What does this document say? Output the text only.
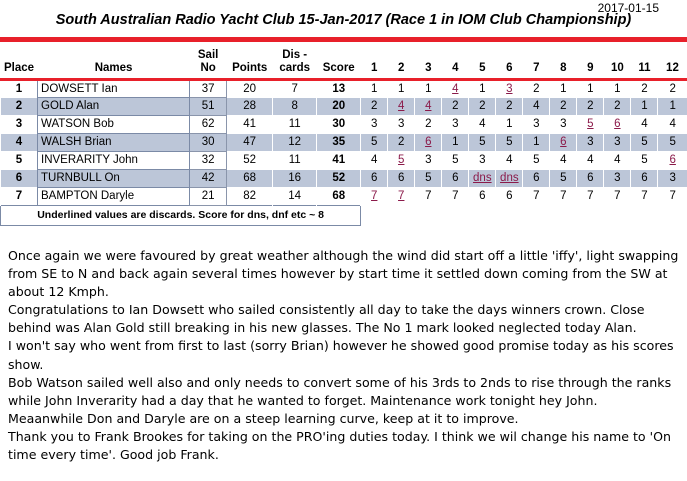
2017-01-15
South Australian Radio Yacht Club 15-Jan-2017 (Race 1 in IOM Club Championship)
Place	Names	Sail No	Points	Dis - cards	Score	1	2	3	4	5	6	7	8	9	10	11	12
1	DOWSETT Ian	37	20	7	13	1	1	1	4	1	3	2	1	1	1	2	2
2	GOLD Alan	51	28	8	20	2	4	4	2	2	2	4	2	2	2	1	1
3	WATSON Bob	62	41	11	30	3	3	2	3	4	1	3	3	5	6	4	4
4	WALSH Brian	30	47	12	35	5	2	6	1	5	5	1	6	3	3	5	5
5	INVERARITY John	32	52	11	41	4	5	3	5	3	4	5	4	4	4	5	6
6	TURNBULL On	42	68	16	52	6	6	5	6	dns	dns	6	5	6	3	6	3
7	BAMPTON Daryle	21	82	14	68	7	7	7	7	6	6	7	7	7	7	7	7
Underlined values are discards. Score for dns, dnf etc ~ 8																	

Once again we were favoured by great weather although the wind did start off a little 'iffy', light swapping from SE to N and back again several times however by start time it settled down coming from the SW at about 12 Kmph.

Congratulations to Ian Dowsett who sailed consistently all day to take the days winners crown. Close behind was Alan Gold still breaking in his new glasses. The No 1 mark looked neglected today Alan.

I won't say who went from first to last (sorry Brian) however he showed good promise today as his scores show.

Bob Watson sailed well also and only needs to convert some of his 3rds to 2nds to rise through the ranks while John Inverarity had a day that he wanted to forget. Maintenance work tonight hey John.

Meaanwhile Don and Daryle are on a steep learning curve, keep at it to improve.

Thank you to Frank Brookes for taking on the PRO'ing duties today. I think we wil change his name to 'On time every time'. Good job Frank.
